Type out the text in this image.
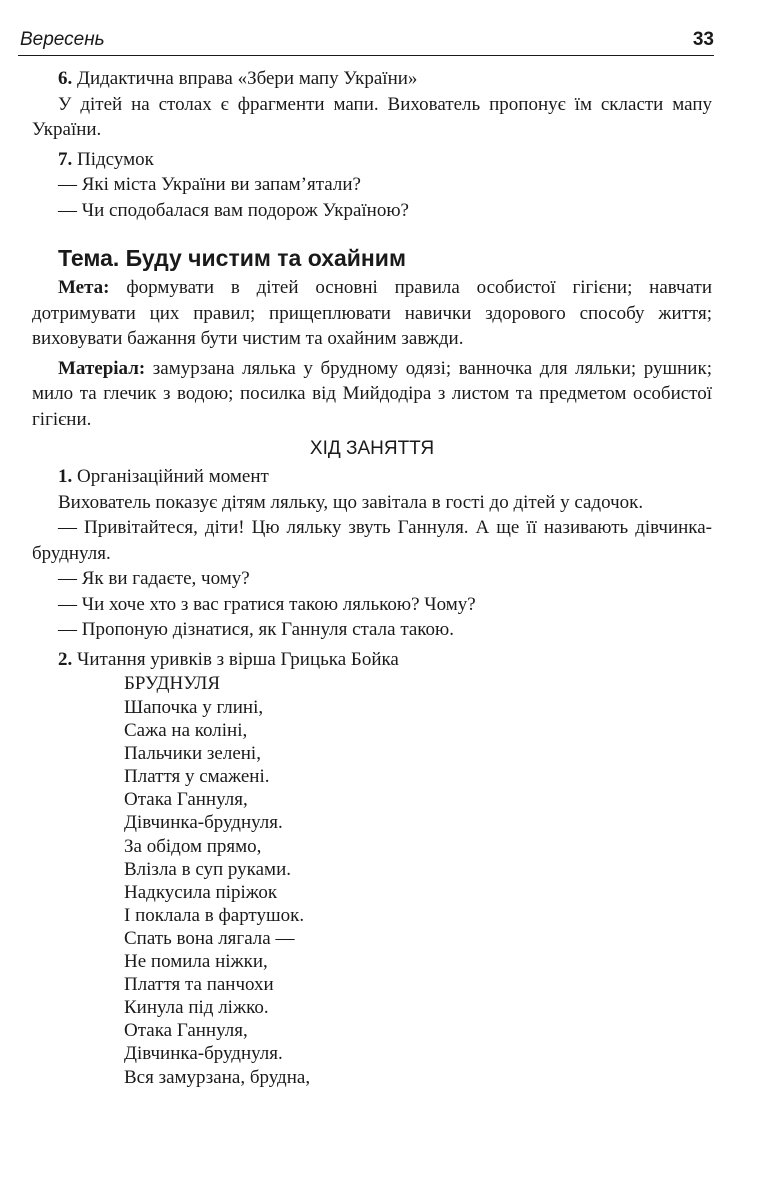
Вересень	33

6. Дидактична вправа «Збери мапу України»

У дітей на столах є фрагменти мапи. Вихователь пропонує їм скласти мапу України.

7. Підсумок

— Які міста України ви запам’ятали?

— Чи сподобалася вам подорож Україною?

Тема. Буду чистим та охайним

Мета: формувати в дітей основні правила особистої гігієни; навчати дотримувати цих правил; прищеплювати навички здорового способу життя; виховувати бажання бути чистим та охайним завжди.

Матеріал: замурзана лялька у брудному одязі; ванночка для ляльки; рушник; мило та глечик з водою; посилка від Мийдодіра з листом та предметом особистої гігієни.

ХІД ЗАНЯТТЯ

1. Організаційний момент

Вихователь показує дітям ляльку, що завітала в гості до дітей у садочок.

— Привітайтеся, діти! Цю ляльку звуть Ганнуля. А ще її називають дівчинка-бруднуля.

— Як ви гадаєте, чому?

— Чи хоче хто з вас гратися такою лялькою? Чому?

— Пропоную дізнатися, як Ганнуля стала такою.

2. Читання уривків з вірша Грицька Бойка

БРУДНУЛЯ
Шапочка у глині,
Сажа на коліні,
Пальчики зелені,
Плаття у смажені.
Отака Ганнуля,
Дівчинка-бруднуля.
За обідом прямо,
Влізла в суп руками.
Надкусила піріжок
І поклала в фартушок.
Спать вона лягала —
Не помила ніжки,
Плаття та панчохи
Кинула під ліжко.
Отака Ганнуля,
Дівчинка-бруднуля.
Вся замурзана, брудна,
